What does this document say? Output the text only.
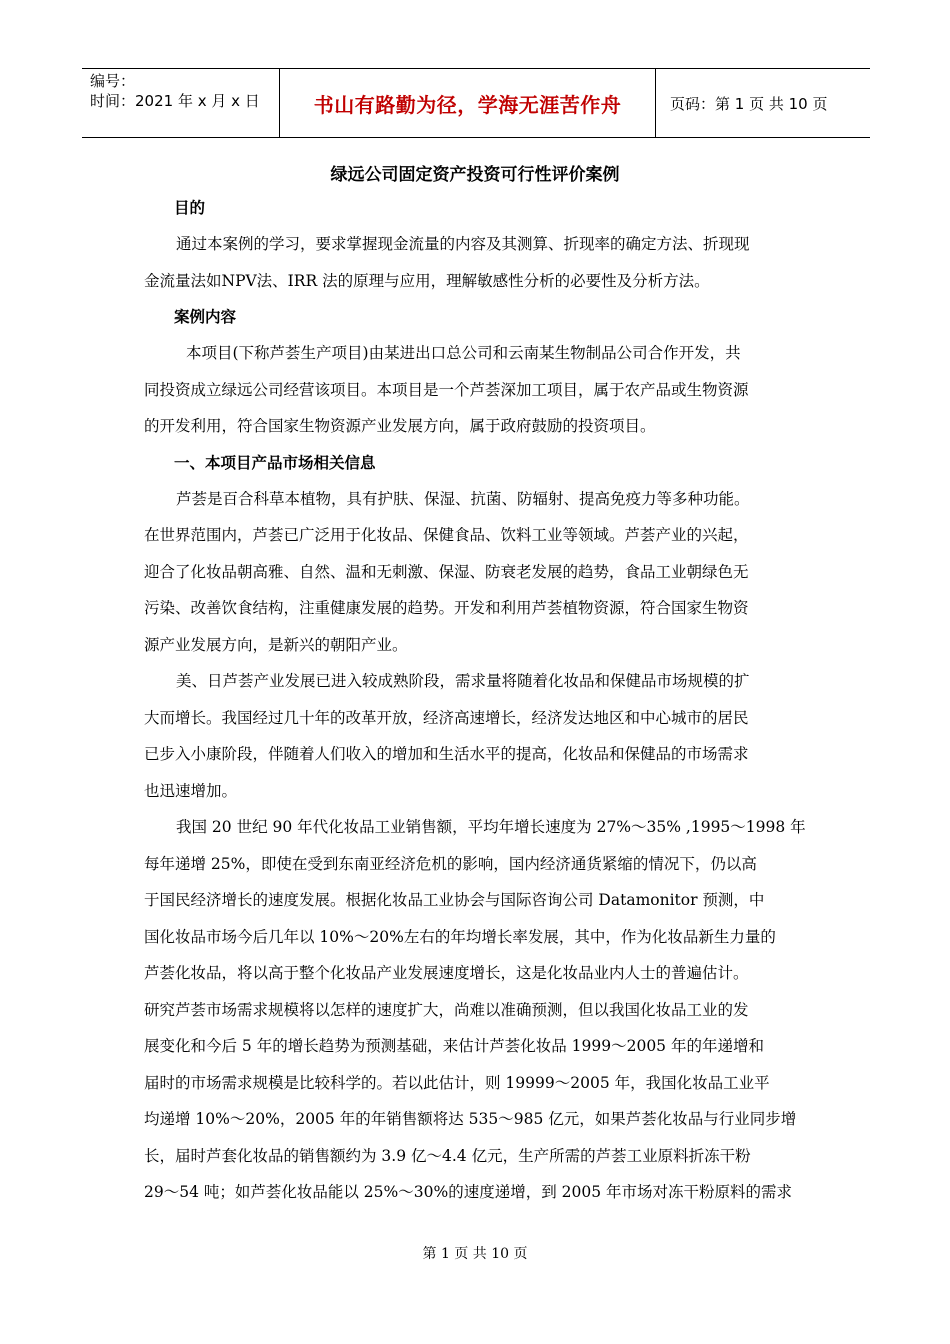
编号：
时间：2021 年 x 月 x 日	书山有路勤为径，学海无涯苦作舟	页码：第 1 页 共 10 页
绿远公司固定资产投资可行性评价案例
目的

通过本案例的学习，要求掌握现金流量的内容及其测算、折现率的确定方法、折现现
金流量法如NPV法、IRR 法的原理与应用，理解敏感性分析的必要性及分析方法。

案例内容

本项目(下称芦荟生产项目)由某进出口总公司和云南某生物制品公司合作开发，共
同投资成立绿远公司经营该项目。本项目是一个芦荟深加工项目，属于农产品或生物资源
的开发利用，符合国家生物资源产业发展方向，属于政府鼓励的投资项目。

一、本项目产品市场相关信息

芦荟是百合科草本植物，具有护肤、保湿、抗菌、防辐射、提高免疫力等多种功能。
在世界范围内，芦荟已广泛用于化妆品、保健食品、饮料工业等领域。芦荟产业的兴起，
迎合了化妆品朝高雅、自然、温和无刺激、保湿、防衰老发展的趋势，食品工业朝绿色无
污染、改善饮食结构，注重健康发展的趋势。开发和利用芦荟植物资源，符合国家生物资
源产业发展方向，是新兴的朝阳产业。

美、日芦荟产业发展已进入较成熟阶段，需求量将随着化妆品和保健品市场规模的扩
大而增长。我国经过几十年的改革开放，经济高速增长，经济发达地区和中心城市的居民
已步入小康阶段，伴随着人们收入的增加和生活水平的提高，化妆品和保健品的市场需求
也迅速增加。

我国 20 世纪 90 年代化妆品工业销售额，平均年增长速度为 27%～35% ,1995～1998 年
每年递增 25%，即使在受到东南亚经济危机的影响，国内经济通货紧缩的情况下，仍以高
于国民经济增长的速度发展。根据化妆品工业协会与国际咨询公司 Datamonitor 预测，中
国化妆品市场今后几年以 10%～20%左右的年均增长率发展，其中，作为化妆品新生力量的
芦荟化妆品，将以高于整个化妆品产业发展速度增长，这是化妆品业内人士的普遍估计。

研究芦荟市场需求规模将以怎样的速度扩大，尚难以准确预测，但以我国化妆品工业的发
展变化和今后 5 年的增长趋势为预测基础，来估计芦荟化妆品 1999～2005 年的年递增和
届时的市场需求规模是比较科学的。若以此估计，则 19999～2005 年，我国化妆品工业平
均递增 10%～20%，2005 年的年销售额将达 535～985 亿元，如果芦荟化妆品与行业同步增
长，届时芦套化妆品的销售额约为 3.9 亿～4.4 亿元，生产所需的芦荟工业原料折冻干粉
29～54 吨；如芦荟化妆品能以 25%～30%的速度递增，到 2005 年市场对冻干粉原料的需求

第 1 页 共 10 页
